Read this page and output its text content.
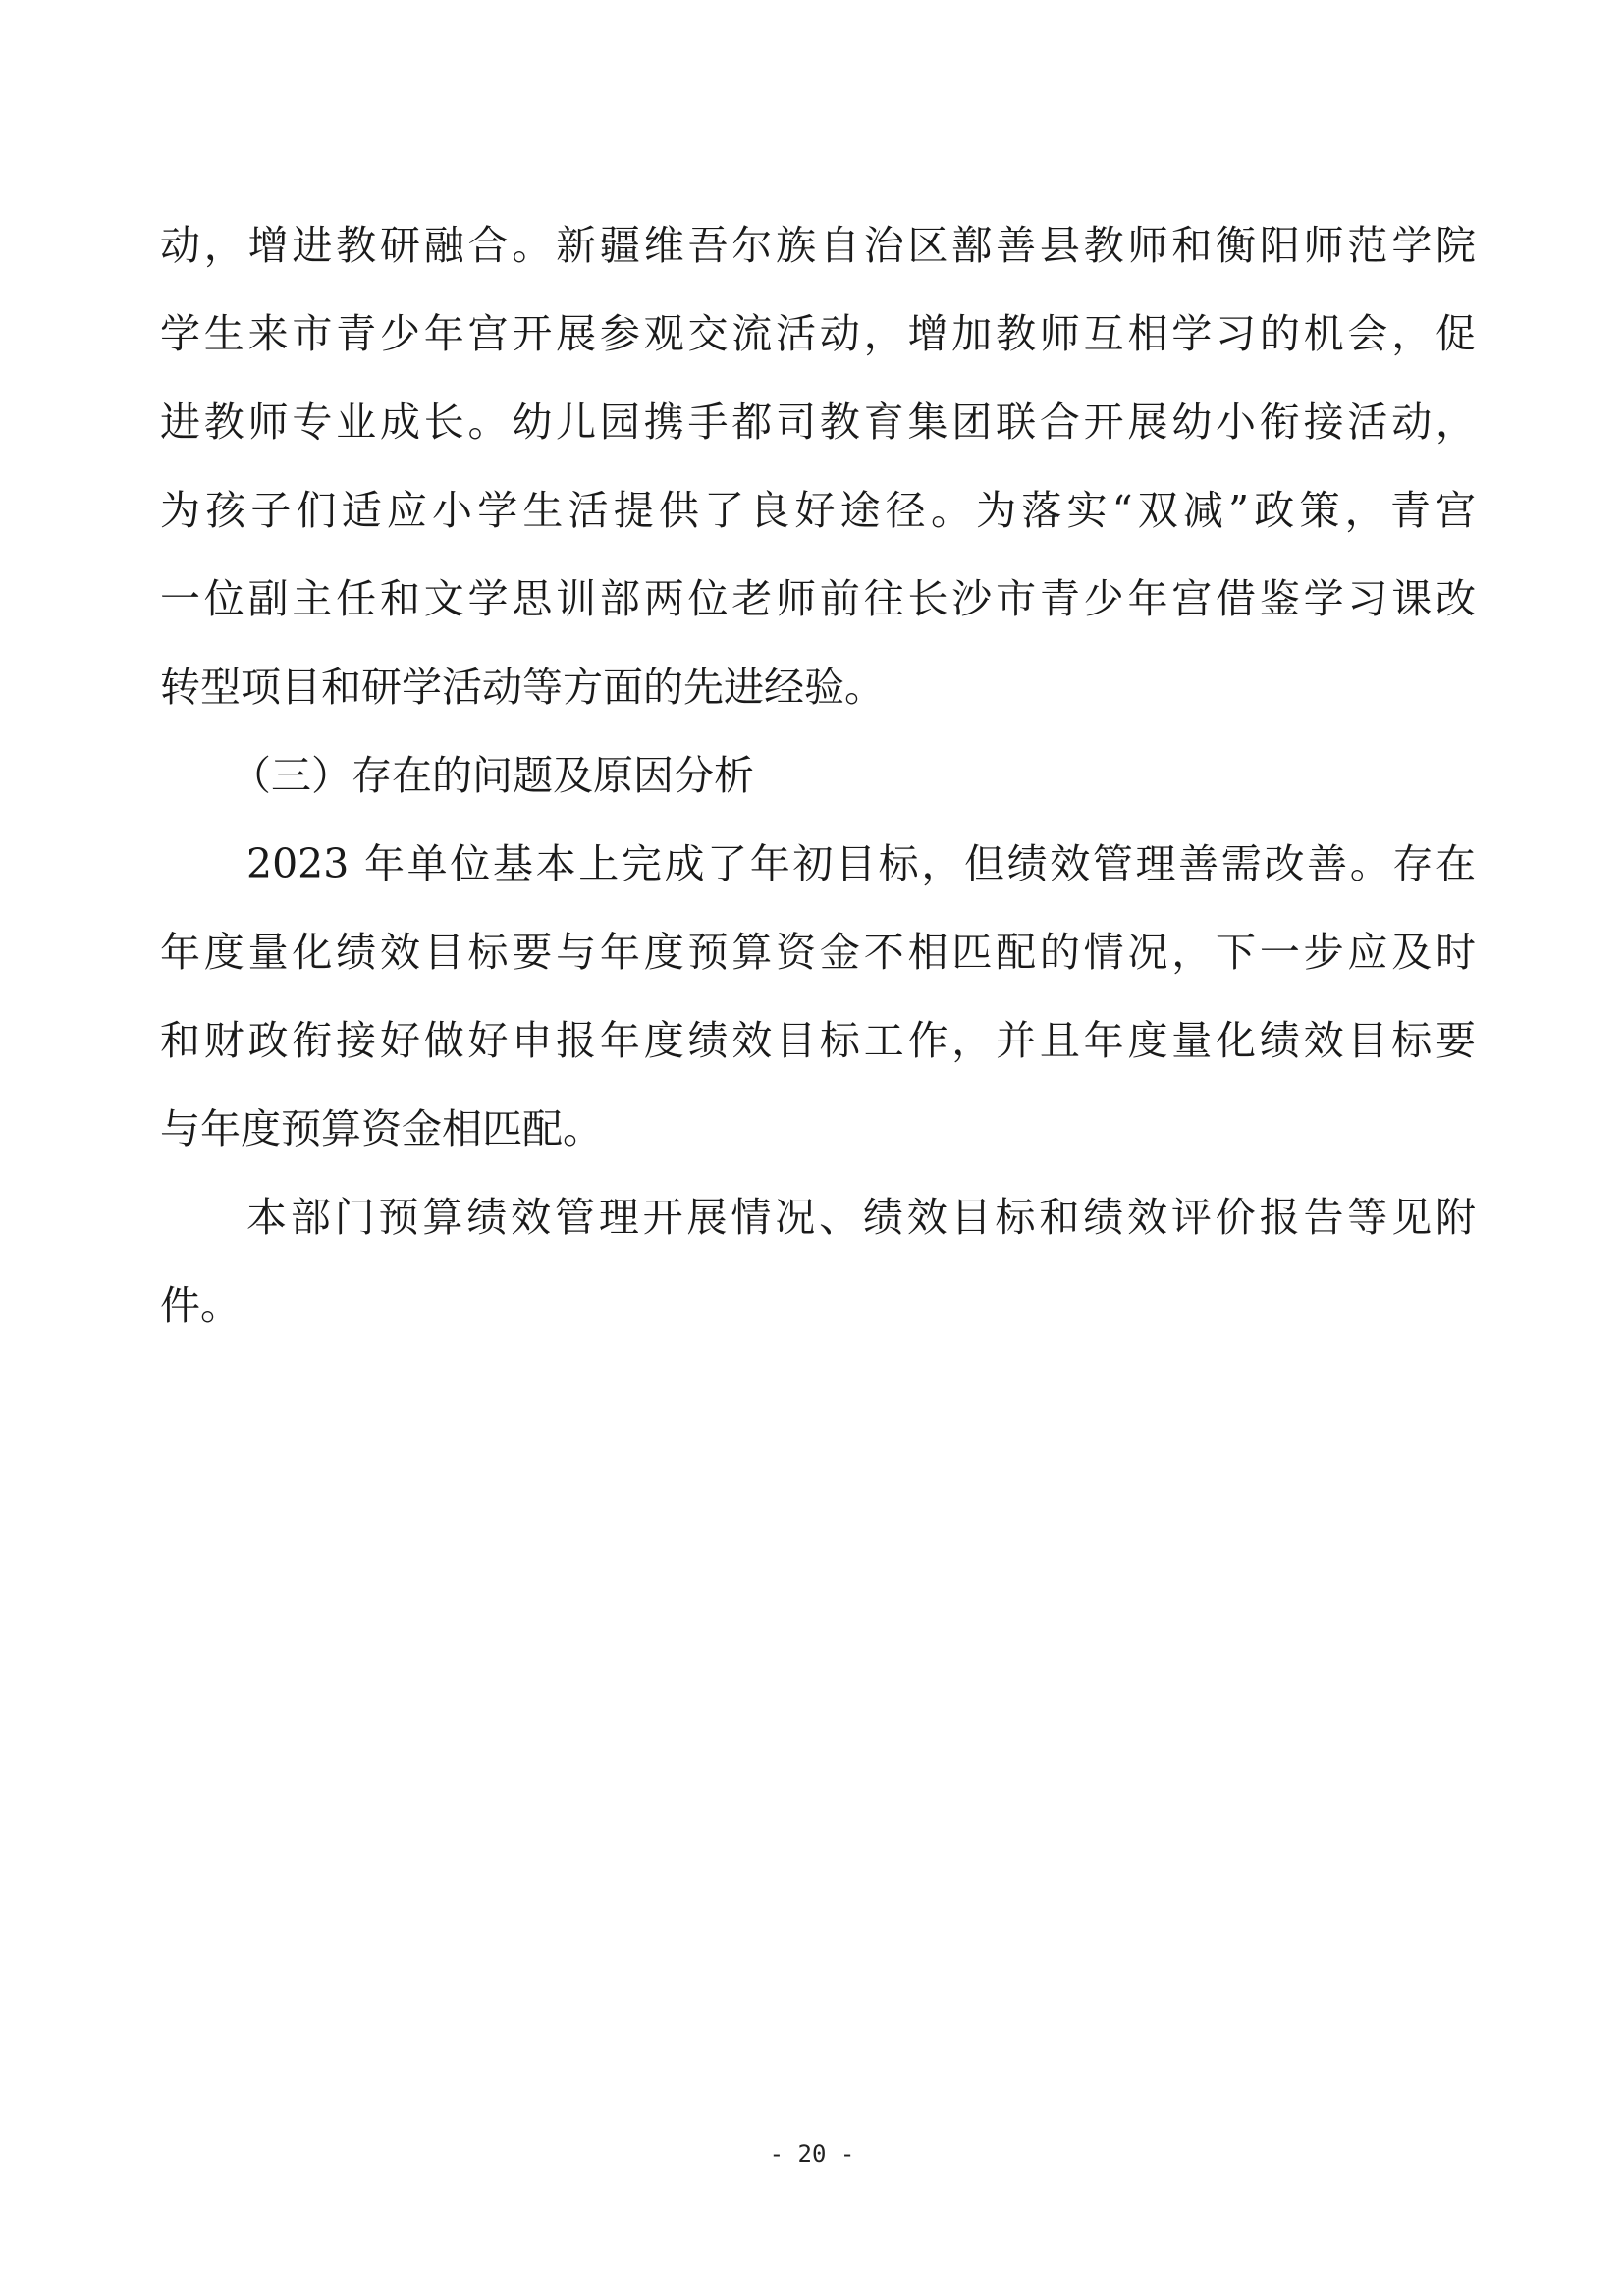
动，增进教研融合。新疆维吾尔族自治区鄯善县教师和衡阳师范学院
学生来市青少年宫开展参观交流活动，增加教师互相学习的机会，促
进教师专业成长。幼儿园携手都司教育集团联合开展幼小衔接活动，
为孩子们适应小学生活提供了良好途径。为落实“双减”政策，青宫
一位副主任和文学思训部两位老师前往长沙市青少年宫借鉴学习课改
转型项目和研学活动等方面的先进经验。
（三）存在的问题及原因分析
2023 年单位基本上完成了年初目标，但绩效管理善需改善。存在
年度量化绩效目标要与年度预算资金不相匹配的情况，下一步应及时
和财政衔接好做好申报年度绩效目标工作，并且年度量化绩效目标要
与年度预算资金相匹配。
本部门预算绩效管理开展情况、绩效目标和绩效评价报告等见附
件。
- 20 -
